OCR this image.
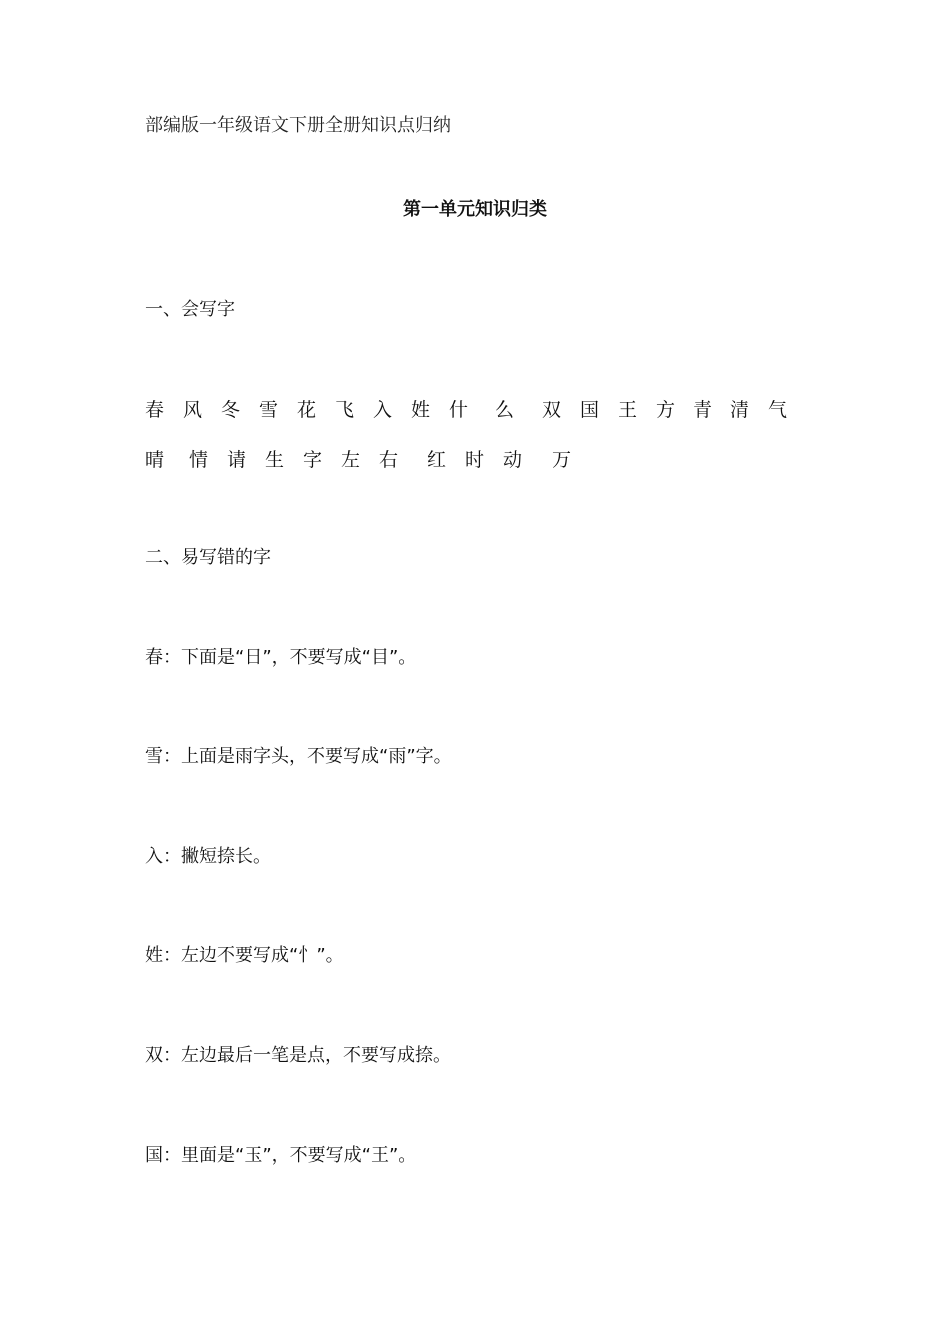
部编版一年级语文下册全册知识点归纳
第一单元知识归类
一、会写字
春 风 冬 雪 花 飞 入 姓 什 么 双 国 王 方 青 清 气
晴 情 请 生 字 左 右 红 时 动 万
二、易写错的字
春：下面是“日”，不要写成“目”。
雪：上面是雨字头，不要写成“雨”字。
入：撇短捺长。
姓：左边不要写成“忄”。
双：左边最后一笔是点，不要写成捺。
国：里面是“玉”，不要写成“王”。
